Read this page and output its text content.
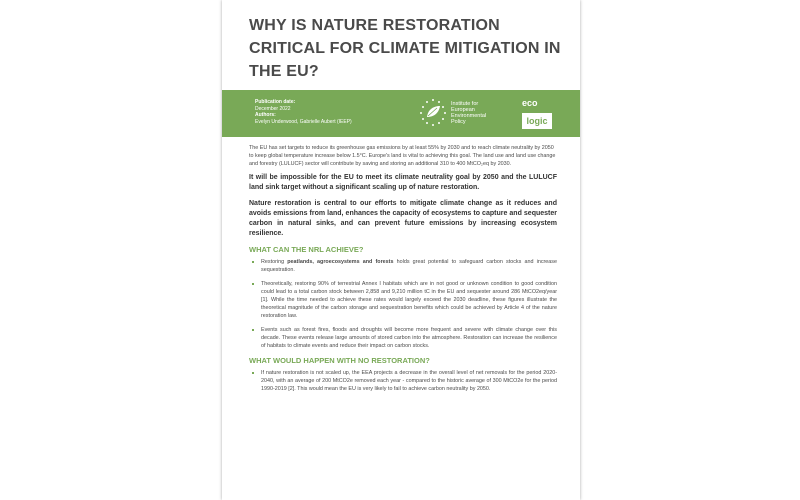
WHY IS NATURE RESTORATION CRITICAL FOR CLIMATE MITIGATION IN THE EU?
Publication date:
December 2022
Authors:
Evelyn Underwood, Gabrielle Aubert (IEEP)
Institute for
European
Environmental
Policy
eco
logic

The EU has set targets to reduce its greenhouse gas emissions by at least 55% by 2030 and to reach climate neutrality by 2050 to keep global temperature increase below 1.5°C. Europe's land is vital to achieving this goal. The land use and land use change and forestry (LULUCF) sector will contribute by saving and storing an additional 310 to 400 MtCO₂eq by 2030.

It will be impossible for the EU to meet its climate neutrality goal by 2050 and the LULUCF land sink target without a significant scaling up of nature restoration.

Nature restoration is central to our efforts to mitigate climate change as it reduces and avoids emissions from land, enhances the capacity of ecosystems to capture and sequester carbon in natural sinks, and can prevent future emissions by increasing ecosystem resilience.

WHAT CAN THE NRL ACHIEVE?
Restoring peatlands, agroecosystems and forests holds great potential to safeguard carbon stocks and increase sequestration.
Theoretically, restoring 90% of terrestrial Annex I habitats which are in not good or unknown condition to good condition could lead to a total carbon stock between 2,858 and 9,210 million tC in the EU and sequester around 286 MtCO2eq/year [1]. While the time needed to achieve these rates would largely exceed the 2030 deadline, these figures illustrate the theoretical magnitude of the carbon storage and sequestration benefits which could be achieved by Article 4 of the nature restoration law.
Events such as forest fires, floods and droughts will become more frequent and severe with climate change over this decade. These events release large amounts of stored carbon into the atmosphere. Restoration can increase the resilience of habitats to climate events and reduce their impact on carbon stocks.
WHAT WOULD HAPPEN WITH NO RESTORATION?
If nature restoration is not scaled up, the EEA projects a decrease in the overall level of net removals for the period 2020-2040, with an average of 200 MtCO2e removed each year - compared to the historic average of 300 MtCO2e for the period 1990-2019 [2]. This would mean the EU is very likely to fail to achieve carbon neutrality by 2050.
